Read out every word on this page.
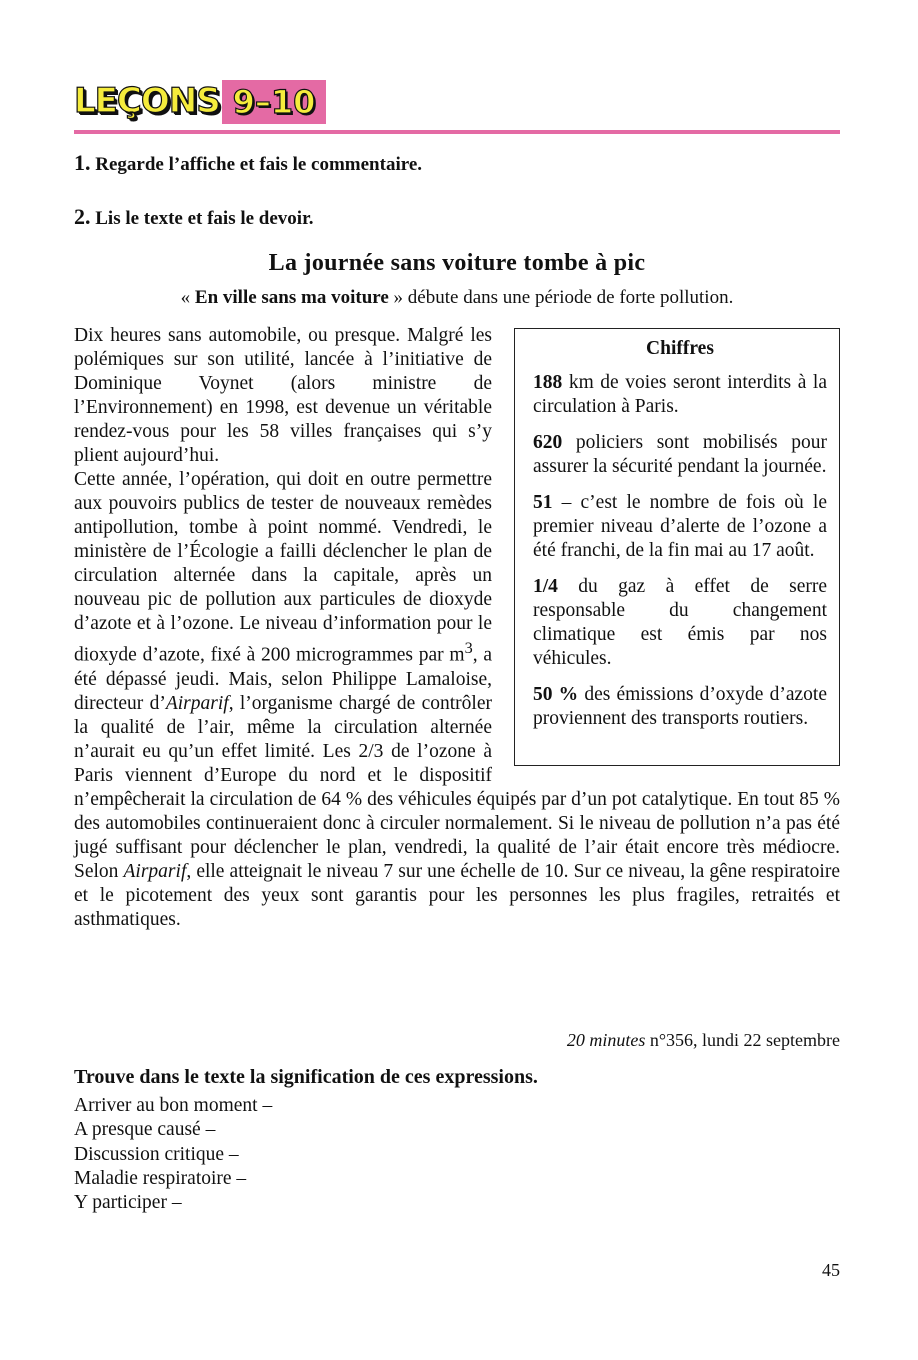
LEÇONS 9–10
1. Regarde l’affiche et fais le commentaire.
2. Lis le texte et fais le devoir.
La journée sans voiture tombe à pic
« En ville sans ma voiture » débute dans une période de forte pollution.
Chiffres
188 km de voies seront interdits à la circulation à Paris.
620 policiers sont mobilisés pour assurer la sécurité pendant la journée.
51 – c’est le nombre de fois où le premier niveau d’alerte de l’ozone a été franchi, de la fin mai au 17 août.
1/4 du gaz à effet de serre responsable du changement climatique est émis par nos véhicules.
50 % des émissions d’oxyde d’azote proviennent des transports routiers.

Dix heures sans automobile, ou presque. Malgré les polémiques sur son utilité, lancée à l’initiative de Dominique Voynet (alors ministre de l’Environnement) en 1998, est devenue un véritable rendez-vous pour les 58 villes françaises qui s’y plient aujourd’hui.

Cette année, l’opération, qui doit en outre permettre aux pouvoirs publics de tester de nouveaux remèdes antipollution, tombe à point nommé. Vendredi, le ministère de l’Écologie a failli déclencher le plan de circulation alternée dans la capitale, après un nouveau pic de pollution aux particules de dioxyde d’azote et à l’ozone. Le niveau d’information pour le dioxyde d’azote, fixé à 200 microgrammes par $m^3$, a été dépassé jeudi. Mais, selon Philippe Lamaloise, directeur d’Airparif, l’organisme chargé de contrôler la qualité de l’air, même la circulation alternée n’aurait eu qu’un effet limité. Les 2/3 de l’ozone à Paris viennent d’Europe du nord et le dispositif n’empêcherait la circulation de 64 % des véhicules équipés par d’un pot catalytique. En tout 85 % des automobiles continueraient donc à circuler normalement. Si le niveau de pollution n’a pas été jugé suffisant pour déclencher le plan, vendredi, la qualité de l’air était encore très médiocre. Selon Airparif, elle atteignait le niveau 7 sur une échelle de 10. Sur ce niveau, la gêne respiratoire et le picotement des yeux sont garantis pour les personnes les plus fragiles, retraités et asthmatiques.

20 minutes n°356, lundi 22 septembre
Trouve dans le texte la signification de ces expressions.
Arriver au bon moment –
A presque causé –
Discussion critique –
Maladie respiratoire –
Y participer –
45
